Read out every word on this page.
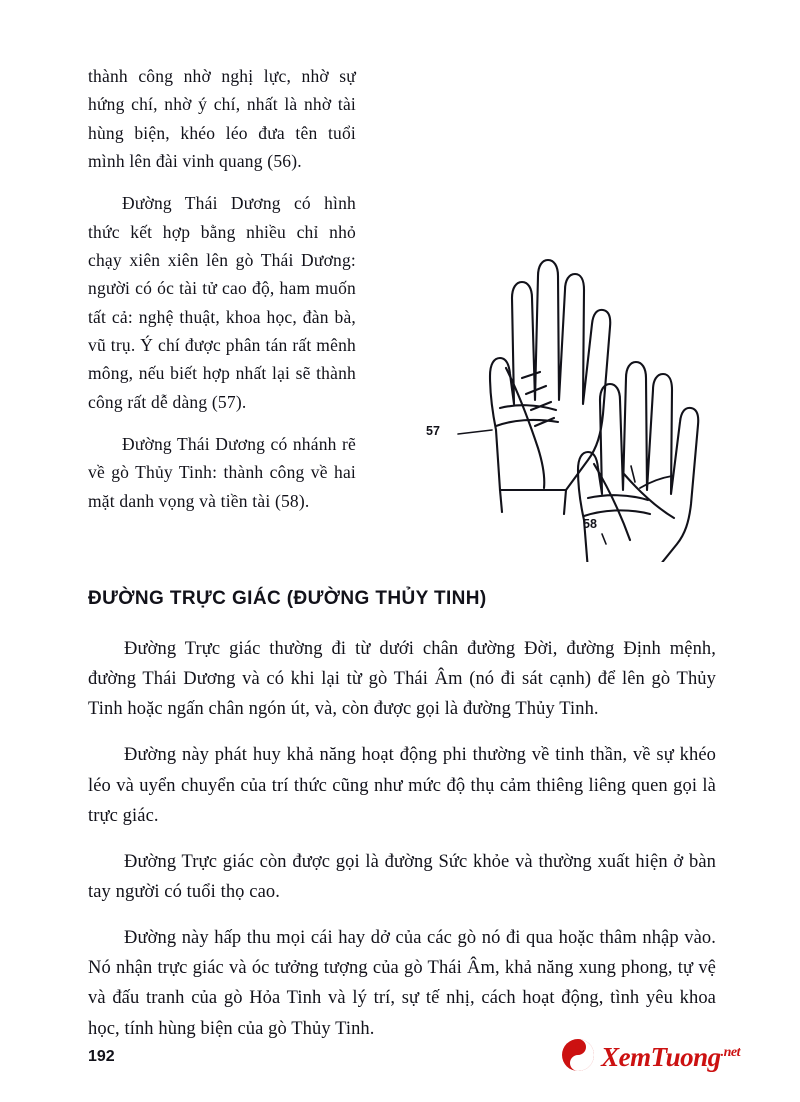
thành công nhờ nghị lực, nhờ sự hứng chí, nhờ ý chí, nhất là nhờ tài hùng biện, khéo léo đưa tên tuổi mình lên đài vinh quang (56).

Đường Thái Dương có hình thức kết hợp bằng nhiều chỉ nhỏ chạy xiên xiên lên gò Thái Dương: người có óc tài tử cao độ, ham muốn tất cả: nghệ thuật, khoa học, đàn bà, vũ trụ. Ý chí được phân tán rất mênh mông, nếu biết hợp nhất lại sẽ thành công rất dễ dàng (57).

Đường Thái Dương có nhánh rẽ về gò Thủy Tinh: thành công về hai mặt danh vọng và tiền tài (58).

57
58
ĐƯỜNG TRỰC GIÁC (ĐƯỜNG THỦY TINH)

Đường Trực giác thường đi từ dưới chân đường Đời, đường Định mệnh, đường Thái Dương và có khi lại từ gò Thái Âm (nó đi sát cạnh) để lên gò Thủy Tinh hoặc ngấn chân ngón út, và, còn được gọi là đường Thủy Tinh.

Đường này phát huy khả năng hoạt động phi thường về tinh thần, về sự khéo léo và uyển chuyển của trí thức cũng như mức độ thụ cảm thiêng liêng quen gọi là trực giác.

Đường Trực giác còn được gọi là đường Sức khỏe và thường xuất hiện ở bàn tay người có tuổi thọ cao.

Đường này hấp thu mọi cái hay dở của các gò nó đi qua hoặc thâm nhập vào. Nó nhận trực giác và óc tưởng tượng của gò Thái Âm, khả năng xung phong, tự vệ và đấu tranh của gò Hỏa Tinh và lý trí, sự tế nhị, cách hoạt động, tình yêu khoa học, tính hùng biện của gò Thủy Tinh.

192	XemTuong$^{.net}$
